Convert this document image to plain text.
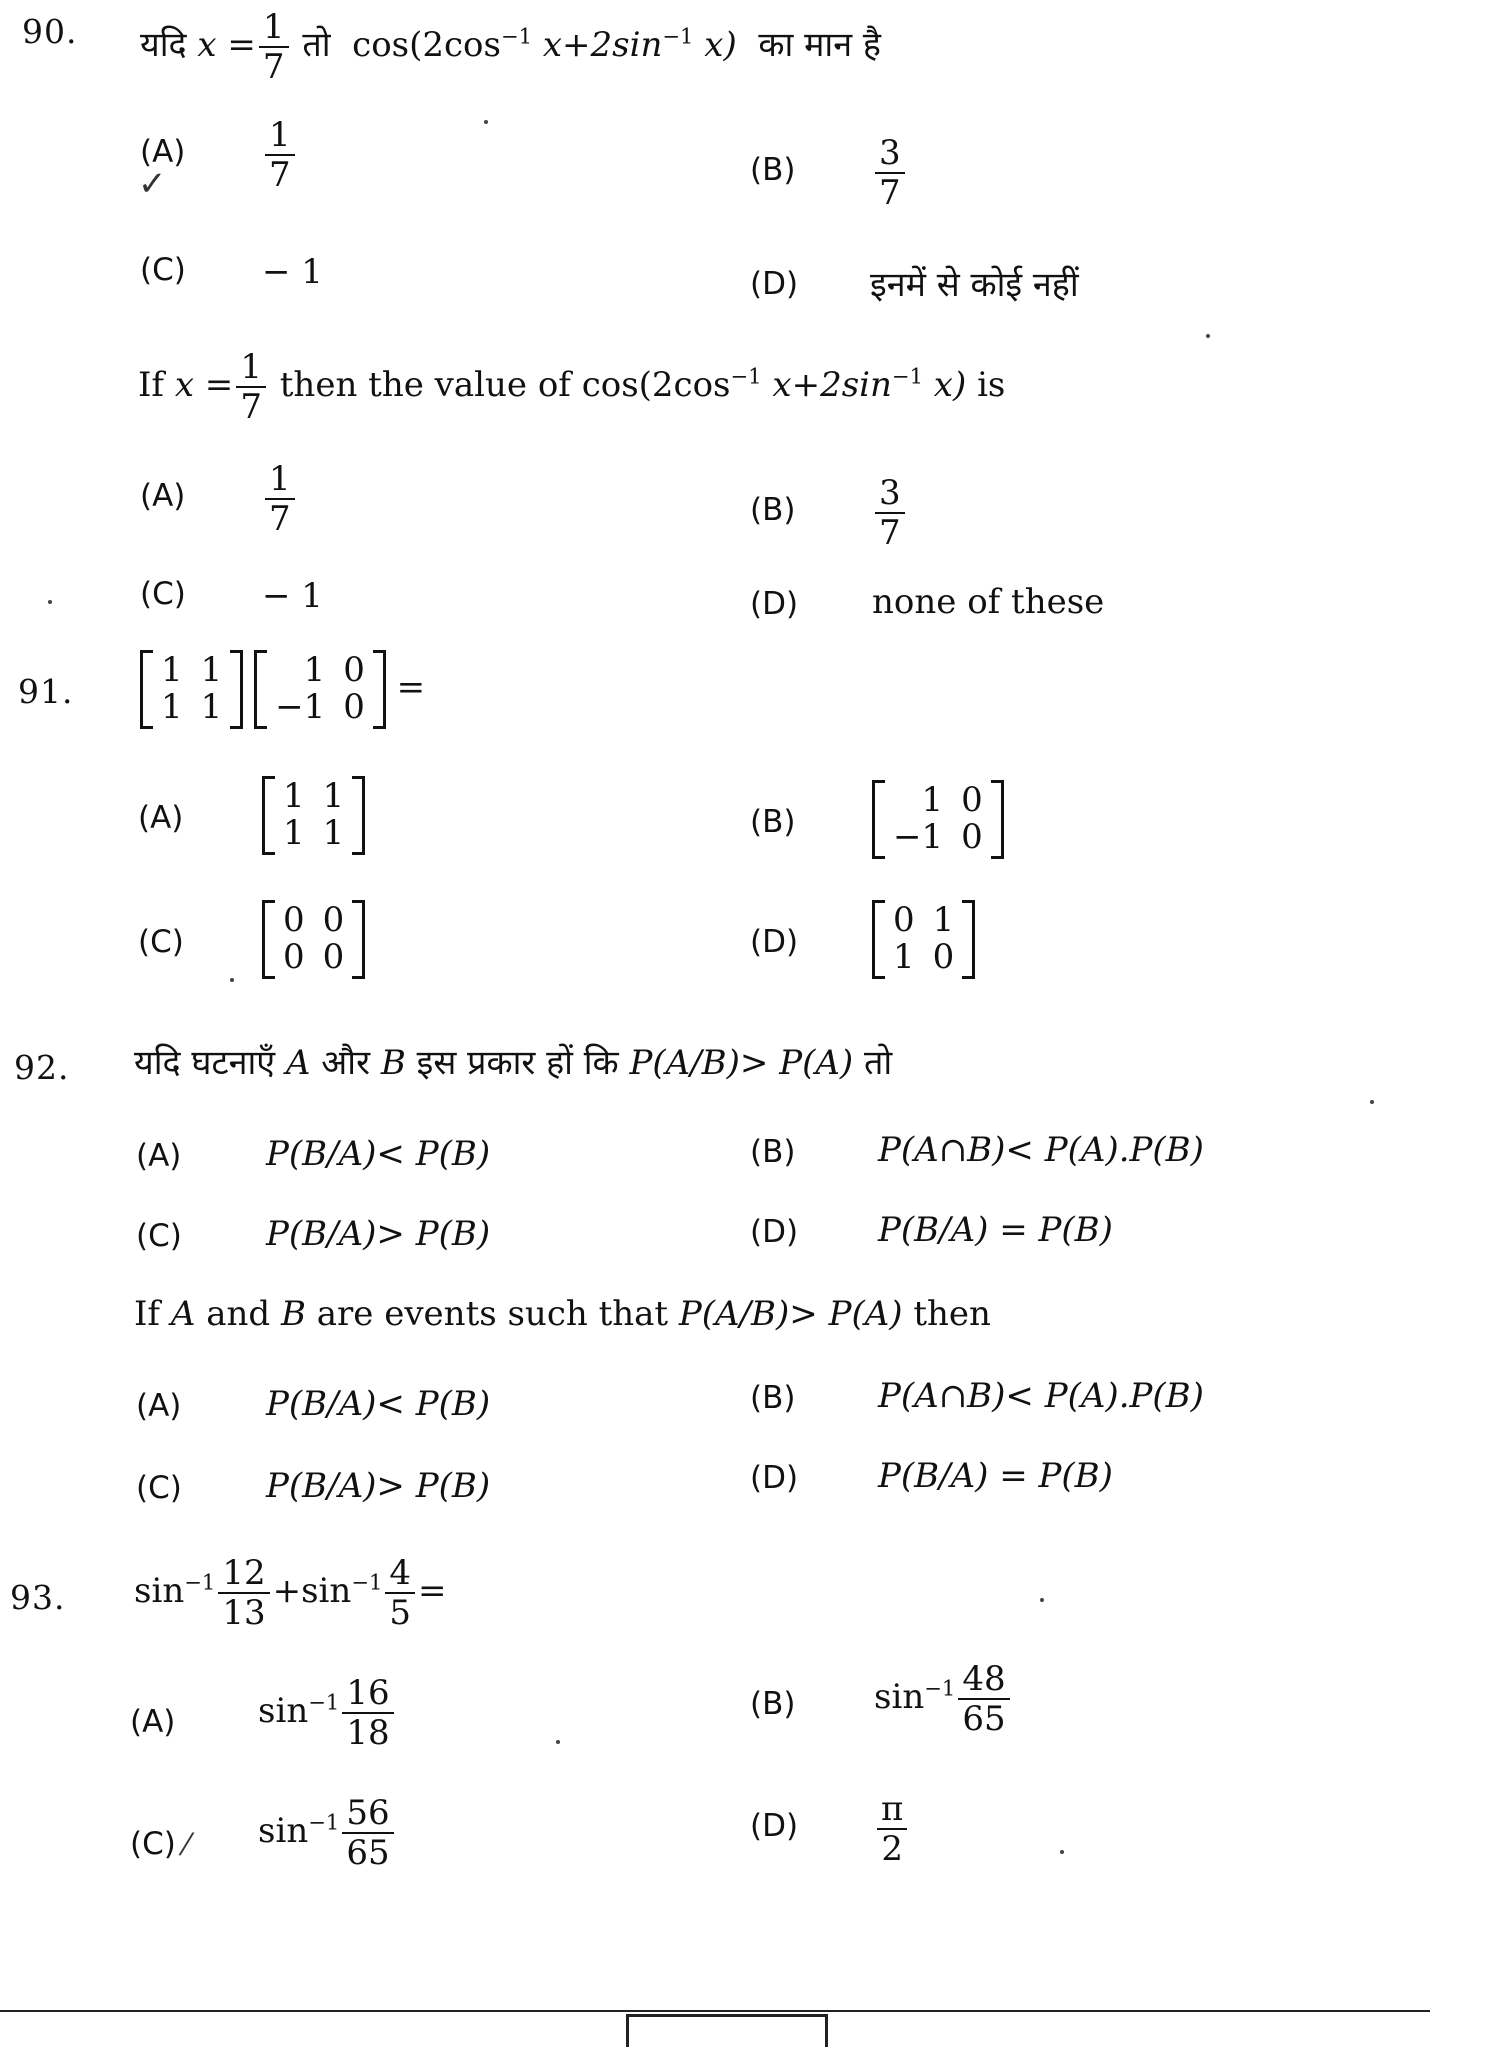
90. यदि $x = \frac{1}{7}$ तो $\cos(2\cos^{-1}$ $x+2\sin^{-1}$ x) का मान है
(A)
✓	$\frac{1}{7}$	$(B) \frac{3}{7}$
(C) − 1	(D) इनमें से कोई नहीं
If $x = \frac{1}{7}$ then the value of $\cos(2\cos^{-1}$ $x+2\sin^{-1}$ x) is
$(A) \frac{1}{7}$	$(B) \frac{3}{7}$
(C) − 1	(D) none of these
91.
1 1
1 1

1 0
−1 0 =
(A)
1 1
1 1	(B)
1 0
−1 0
(C)
0 0
0 0	(D)
0 1
1 0
92. यदि घटनाएँ A और B इस प्रकार हों कि P(A/B)> P(A) तो
(A) P(B/A)< P(B)	(B) P(A∩B)< P(A).P(B)
(C) P(B/A)> P(B)	(D) P(B/A) = P(B)
If A and B are events such that P(A/B)> P(A) then
(A) P(B/A)< P(B)	(B) P(A∩B)< P(A).P(B)
(C) P(B/A)> P(B)	(D) P(B/A) = P(B)
93. $\sin^{-1} \frac{12}{13} +\sin^{-1} \frac{4}{5}$ =
(A) $\sin^{-1} \frac{16}{18}$	(B) $\sin^{-1} \frac{48}{65}$
(C) ⁄ $\sin^{-1} \frac{56}{65}$	$(D) \frac{\pi}{2}$
